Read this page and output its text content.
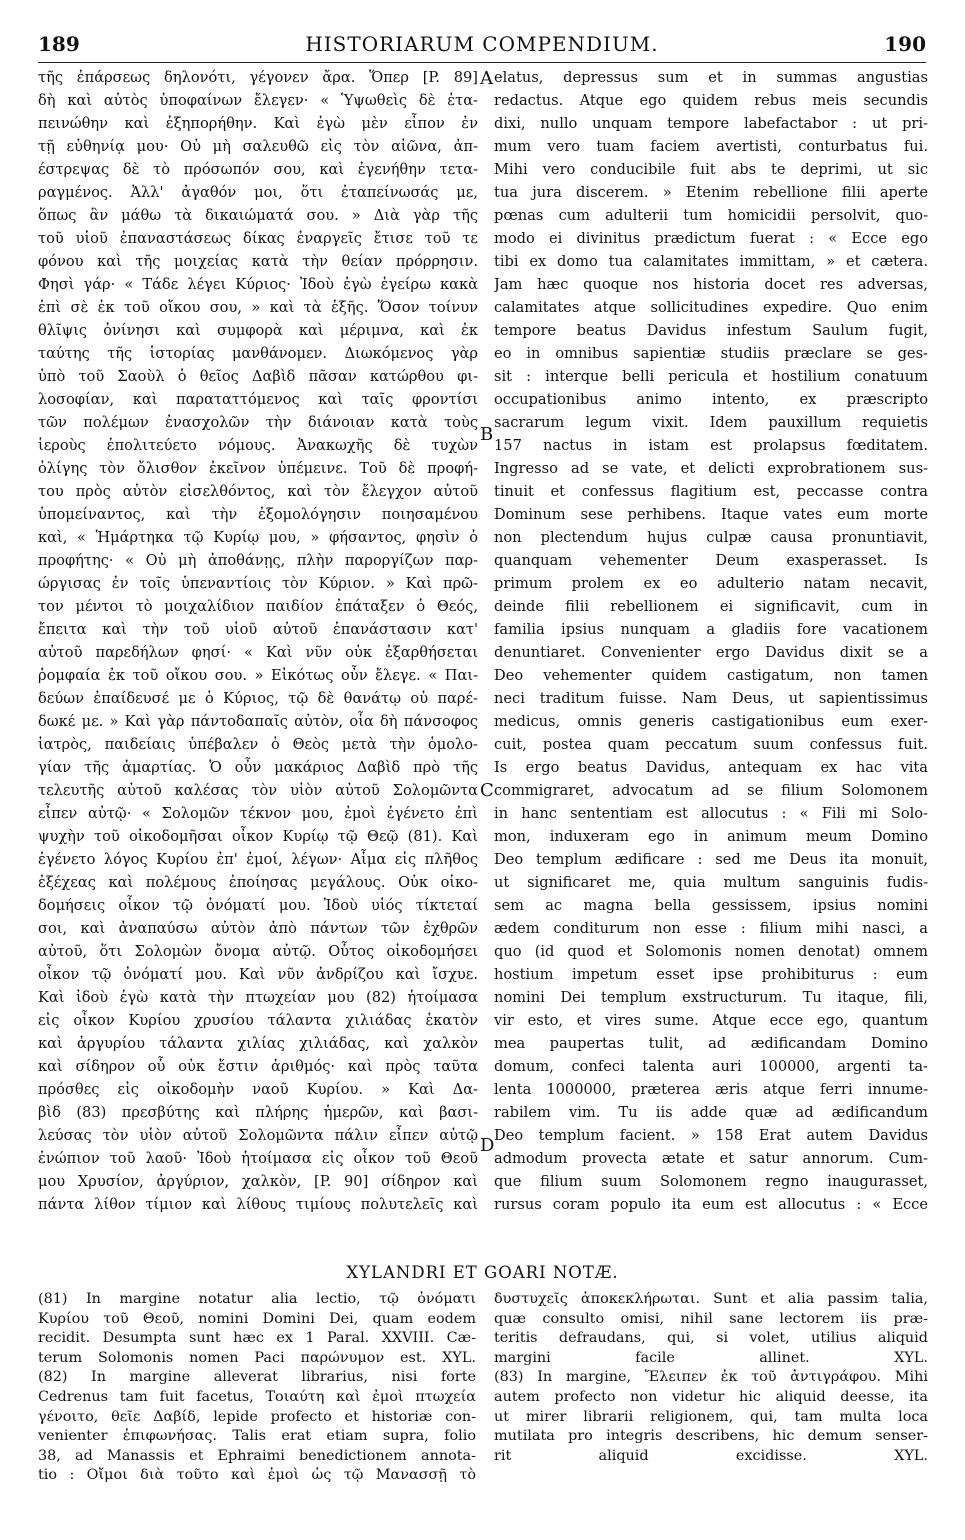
189	HISTORIARUM COMPENDIUM.	190
τῆς ἐπάρσεως δηλονότι, γέγονεν ἄρα. Ὅπερ [P. 89]
δὴ καὶ αὐτὸς ὑποφαίνων ἔλεγεν· « Ὑψωθεὶς δὲ ἐτα-
πεινώθην καὶ ἐξηπορήθην. Καὶ ἐγὼ μὲν εἶπον ἐν
τῇ εὐθηνίᾳ μου· Οὐ μὴ σαλευθῶ εἰς τὸν αἰῶνα, ἀπ-
έστρεψας δὲ τὸ πρόσωπόν σου, καὶ ἐγενήθην τετα-
ραγμένος. Ἀλλ' ἀγαθόν μοι, ὅτι ἐταπείνωσάς με,
ὅπως ἂν μάθω τὰ δικαιώματά σου. » Διὰ γὰρ τῆς
τοῦ υἱοῦ ἐπαναστάσεως δίκας ἐναργεῖς ἔτισε τοῦ τε
φόνου καὶ τῆς μοιχείας κατὰ τὴν θείαν πρόρρησιν.
Φησὶ γάρ· « Τάδε λέγει Κύριος· Ἰδοὺ ἐγὼ ἐγείρω κακὰ
ἐπὶ σὲ ἐκ τοῦ οἴκου σου, » καὶ τὰ ἑξῆς. Ὅσον τοίνυν
θλῖψις ὀνίνησι καὶ συμφορὰ καὶ μέριμνα, καὶ ἐκ
ταύτης τῆς ἱστορίας μανθάνομεν. Διωκόμενος γὰρ
ὑπὸ τοῦ Σαοὺλ ὁ θεῖος Δαβὶδ πᾶσαν κατώρθου φι-
λοσοφίαν, καὶ παραταττόμενος καὶ ταῖς φροντίσι
τῶν πολέμων ἐνασχολῶν τὴν διάνοιαν κατὰ τοὺς
ἱεροὺς ἐπολιτεύετο νόμους. Ἀνακωχῆς δὲ τυχὼν
ὀλίγης τὸν ὄλισθον ἐκεῖνον ὑπέμεινε. Τοῦ δὲ προφή-
του πρὸς αὐτὸν εἰσελθόντος, καὶ τὸν ἔλεγχον αὐτοῦ
ὑπομείναντος, καὶ τὴν ἐξομολόγησιν ποιησαμένου
καὶ, « Ἡμάρτηκα τῷ Κυρίῳ μου, » φήσαντος, φησὶν ὁ
προφήτης· « Οὐ μὴ ἀποθάνῃς, πλὴν παροργίζων παρ-
ώργισας ἐν τοῖς ὑπεναντίοις τὸν Κύριον. » Καὶ πρῶ-
τον μέντοι τὸ μοιχαλίδιον παιδίον ἐπάταξεν ὁ Θεός,
ἔπειτα καὶ τὴν τοῦ υἱοῦ αὐτοῦ ἐπανάστασιν κατ'
αὐτοῦ παρεδήλων φησί· « Καὶ νῦν οὐκ ἐξαρθήσεται
ῥομφαία ἐκ τοῦ οἴκου σου. » Εἰκότως οὖν ἔλεγε. « Παι-
δεύων ἐπαίδευσέ με ὁ Κύριος, τῷ δὲ θανάτῳ οὐ παρέ-
δωκέ με. » Καὶ γὰρ πάντοδαπαῖς αὐτὸν, οἷα δὴ πάνσοφος
ἰατρὸς, παιδείαις ὑπέβαλεν ὁ Θεὸς μετὰ τὴν ὁμολο-
γίαν τῆς ἁμαρτίας. Ὁ οὖν μακάριος Δαβὶδ πρὸ τῆς
τελευτῆς αὐτοῦ καλέσας τὸν υἱὸν αὐτοῦ Σολομῶντα
εἶπεν αὐτῷ· « Σολομῶν τέκνον μου, ἐμοὶ ἐγένετο ἐπὶ
ψυχὴν τοῦ οἰκοδομῆσαι οἶκον Κυρίῳ τῷ Θεῷ (81). Καὶ
ἐγένετο λόγος Κυρίου ἐπ' ἐμοί, λέγων· Αἷμα εἰς πλῆθος
ἐξέχεας καὶ πολέμους ἐποίησας μεγάλους. Οὐκ οἰκο-
δομήσεις οἶκον τῷ ὀνόματί μου. Ἰδοὺ υἱός τίκτεταί
σοι, καὶ ἀναπαύσω αὐτὸν ἀπὸ πάντων τῶν ἐχθρῶν
αὐτοῦ, ὅτι Σολομὼν ὄνομα αὐτῷ. Οὗτος οἰκοδομήσει
οἶκον τῷ ὀνόματί μου. Καὶ νῦν ἀνδρίζου καὶ ἴσχυε.
Καὶ ἰδοὺ ἐγὼ κατὰ τὴν πτωχείαν μου (82) ἡτοίμασα
εἰς οἶκον Κυρίου χρυσίου τάλαντα χιλιάδας ἑκατὸν
καὶ ἀργυρίου τάλαντα χιλίας χιλιάδας, καὶ χαλκὸν
καὶ σίδηρον οὗ οὐκ ἔστιν ἀριθμός· καὶ πρὸς ταῦτα
πρόσθες εἰς οἰκοδομὴν ναοῦ Κυρίου. » Καὶ Δα-
βὶδ (83) πρεσβύτης καὶ πλήρης ἡμερῶν, καὶ βασι-
λεύσας τὸν υἱὸν αὐτοῦ Σολομῶντα πάλιν εἶπεν αὐτῷ
ἐνώπιον τοῦ λαοῦ· Ἰδοὺ ἡτοίμασα εἰς οἶκον τοῦ Θεοῦ
μου Χρυσίον, ἀργύριον, χαλκὸν, [P. 90] σίδηρον καὶ
πάντα λίθον τίμιον καὶ λίθους τιμίους πολυτελεῖς καὶ
elatus, depressus sum et in summas angustias
redactus. Atque ego quidem rebus meis secundis
dixi, nullo unquam tempore labefactabor : ut pri-
mum vero tuam faciem avertisti, conturbatus fui.
Mihi vero conducibile fuit abs te deprimi, ut sic
tua jura discerem. » Etenim rebellione filii aperte
pœnas cum adulterii tum homicidii persolvit, quo-
modo ei divinitus prædictum fuerat : « Ecce ego
tibi ex domo tua calamitates immittam, » et cætera.
Jam hæc quoque nos historia docet res adversas,
calamitates atque sollicitudines expedire. Quo enim
tempore beatus Davidus infestum Saulum fugit,
eo in omnibus sapientiæ studiis præclare se ges-
sit : interque belli pericula et hostilium conatuum
occupationibus animo intento, ex præscripto
sacrarum legum vixit. Idem pauxillum requietis
157 nactus in istam est prolapsus fœditatem.
Ingresso ad se vate, et delicti exprobrationem sus-
tinuit et confessus flagitium est, peccasse contra
Dominum sese perhibens. Itaque vates eum morte
non plectendum hujus culpæ causa pronuntiavit,
quanquam vehementer Deum exasperasset. Is
primum prolem ex eo adulterio natam necavit,
deinde filii rebellionem ei significavit, cum in
familia ipsius nunquam a gladiis fore vacationem
denuntiaret. Convenienter ergo Davidus dixit se a
Deo vehementer quidem castigatum, non tamen
neci traditum fuisse. Nam Deus, ut sapientissimus
medicus, omnis generis castigationibus eum exer-
cuit, postea quam peccatum suum confessus fuit.
Is ergo beatus Davidus, antequam ex hac vita
commigraret, advocatum ad se filium Solomonem
in hanc sententiam est allocutus : « Fili mi Solo-
mon, induxeram ego in animum meum Domino
Deo templum ædificare : sed me Deus ita monuit,
ut significaret me, quia multum sanguinis fudis-
sem ac magna bella gessissem, ipsius nomini
ædem conditurum non esse : filium mihi nasci, a
quo (id quod et Solomonis nomen denotat) omnem
hostium impetum esset ipse prohibiturus : eum
nomini Dei templum exstructurum. Tu itaque, fili,
vir esto, et vires sume. Atque ecce ego, quantum
mea paupertas tulit, ad ædificandam Domino
domum, confeci talenta auri 100000, argenti ta-
lenta 1000000, præterea æris atque ferri innume-
rabilem vim. Tu iis adde quæ ad ædificandum
Deo templum facient. » 158 Erat autem Davidus
admodum provecta ætate et satur annorum. Cum-
que filium suum Solomonem regno inaugurasset,
rursus coram populo ita eum est allocutus : « Ecce
A
B
C
D
XYLANDRI ET GOARI NOTÆ.
(81) In margine notatur alia lectio, τῷ ὀνόματι
Κυρίου τοῦ Θεοῦ, nomini Domini Dei, quam eodem
recidit. Desumpta sunt hæc ex 1 Paral. XXVIII. Cæ-
terum Solomonis nomen Paci παρώνυμον est. XYL.
(82) In margine alleverat librarius, nisi forte
Cedrenus tam fuit facetus, Τοιαύτη καὶ ἐμοὶ πτωχεία
γένοιτο, θεῖε Δαβίδ, lepide profecto et historiæ con-
venienter ἐπιφωνήσας. Talis erat etiam supra, folio
38, ad Manassis et Ephraimi benedictionem annota-
tio : Οἴμοι διὰ τοῦτο καὶ ἐμοὶ ὡς τῷ Μανασσῇ τὸ
δυστυχεῖς ἀποκεκλήρωται. Sunt et alia passim talia,
quæ consulto omisi, nihil sane lectorem iis præ-
teritis defraudans, qui, si volet, utilius aliquid
margini facile allinet. XYL.
(83) In margine, Ἔλειπεν ἐκ τοῦ ἀντιγράφου. Mihi
autem profecto non videtur hic aliquid deesse, ita
ut mirer librarii religionem, qui, tam multa loca
mutilata pro integris describens, hic demum senser-
rit aliquid excidisse. XYL.
